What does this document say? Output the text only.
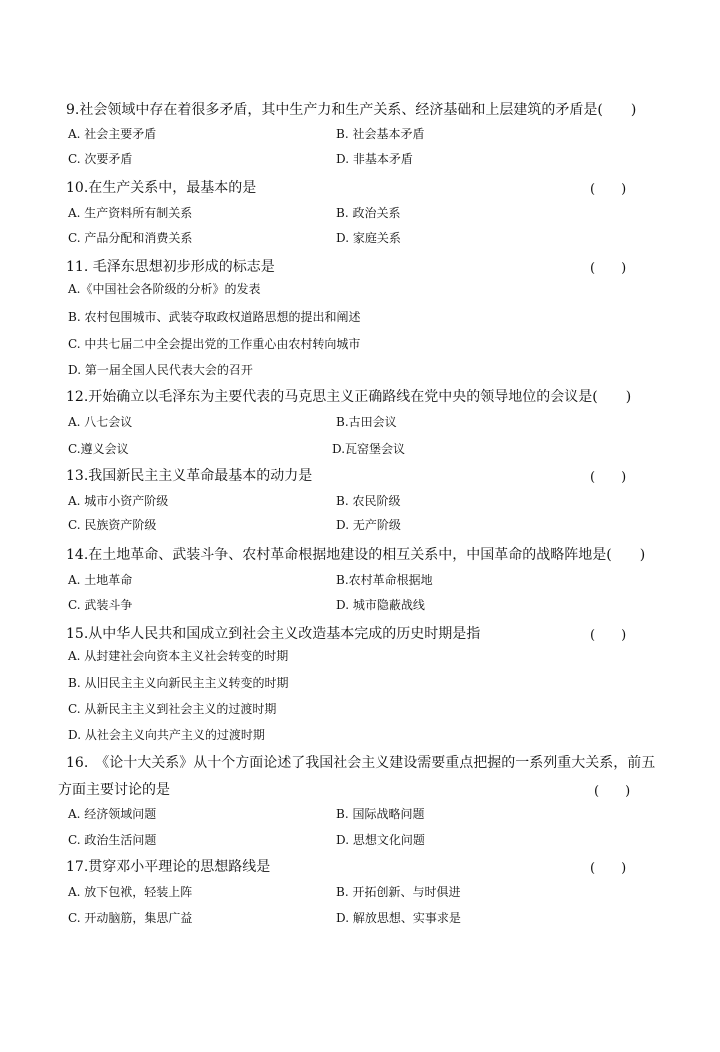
9.社会领域中存在着很多矛盾，其中生产力和生产关系、经济基础和上层建筑的矛盾是(　　)
A. 社会主要矛盾	B. 社会基本矛盾
C. 次要矛盾	D. 非基本矛盾
10.在生产关系中，最基本的是	(　　)
A. 生产资料所有制关系	B. 政治关系
C. 产品分配和消费关系	D. 家庭关系
11. 毛泽东思想初步形成的标志是	(　　)
A.《中国社会各阶级的分析》的发表
B. 农村包围城市、武装夺取政权道路思想的提出和阐述
C. 中共七届二中全会提出党的工作重心由农村转向城市
D. 第一届全国人民代表大会的召开
12.开始确立以毛泽东为主要代表的马克思主义正确路线在党中央的领导地位的会议是(　　)
A. 八七会议	B.古田会议
C.遵义会议	D.瓦窑堡会议
13.我国新民主主义革命最基本的动力是	(　　)
A. 城市小资产阶级	B. 农民阶级
C. 民族资产阶级	D. 无产阶级
14.在土地革命、武装斗争、农村革命根据地建设的相互关系中，中国革命的战略阵地是(　　)
A. 土地革命	B.农村革命根据地
C. 武装斗争	D. 城市隐蔽战线
15.从中华人民共和国成立到社会主义改造基本完成的历史时期是指	(　　)
A. 从封建社会向资本主义社会转变的时期
B. 从旧民主主义向新民主主义转变的时期
C. 从新民主主义到社会主义的过渡时期
D. 从社会主义向共产主义的过渡时期
16.　《论十大关系》从十个方面论述了我国社会主义建设需要重点把握的一系列重大关系，前五
方面主要讨论的是	(　　)
A. 经济领域问题	B. 国际战略问题
C. 政治生活问题	D. 思想文化问题
17.贯穿邓小平理论的思想路线是	(　　)
A. 放下包袱，轻装上阵	B. 开拓创新、与时俱进
C. 开动脑筋，集思广益	D. 解放思想、实事求是
